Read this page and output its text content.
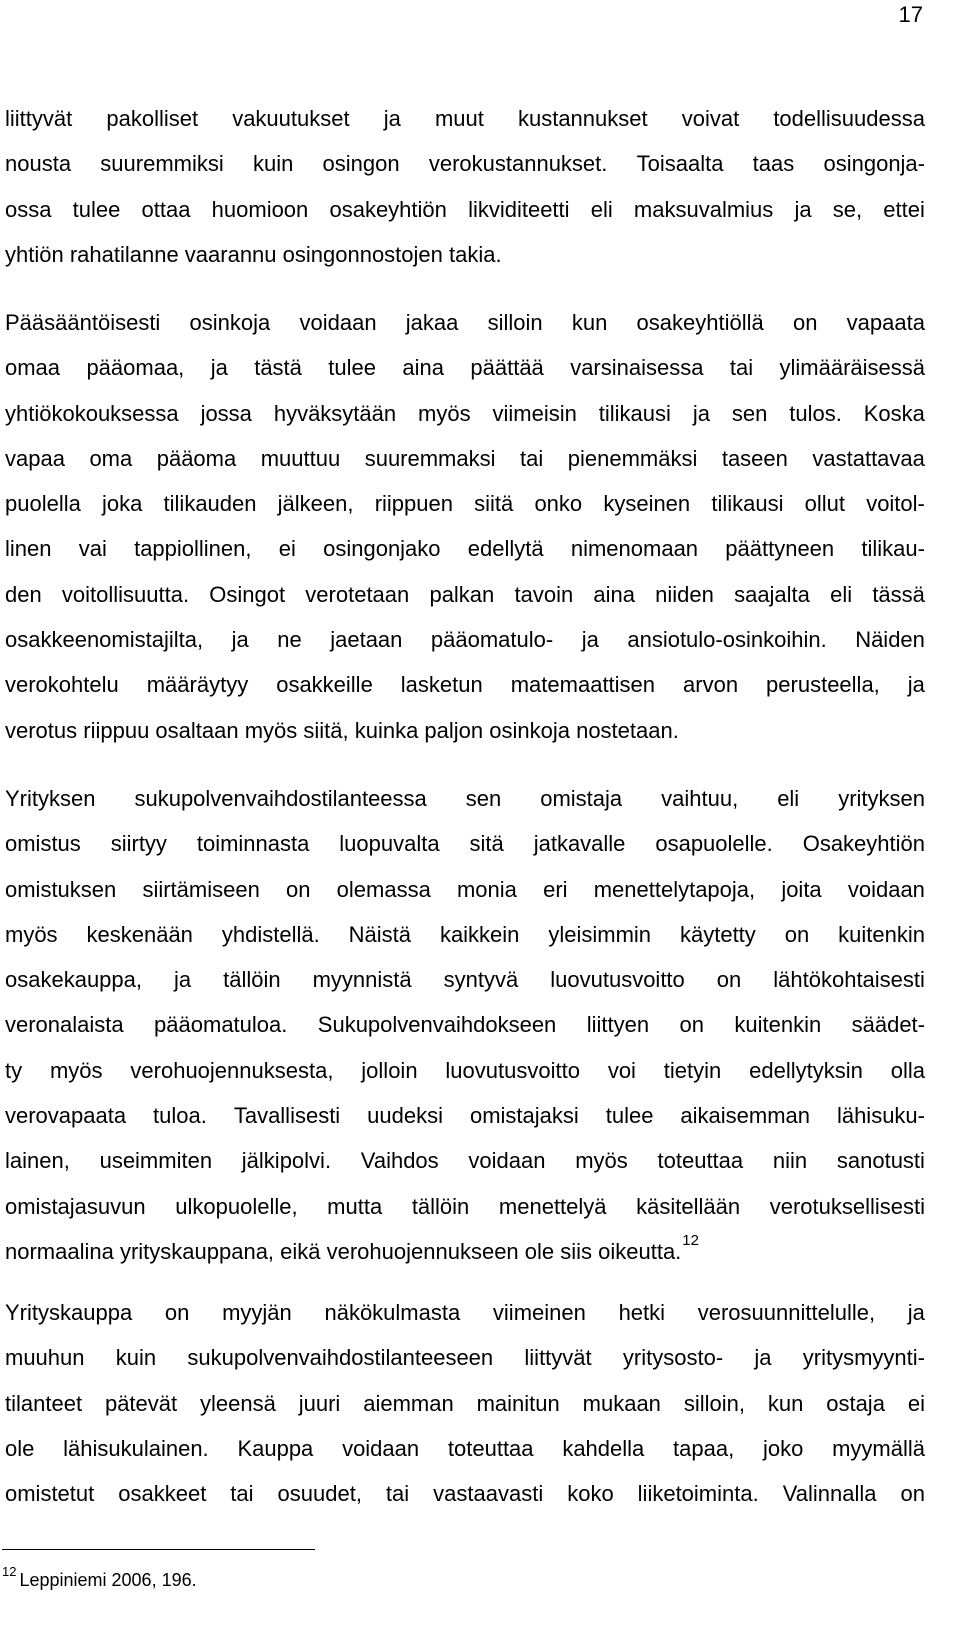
17
liittyvät pakolliset vakuutukset ja muut kustannukset voivat todellisuudessa
nousta suuremmiksi kuin osingon verokustannukset. Toisaalta taas osingonja-
ossa tulee ottaa huomioon osakeyhtiön likviditeetti eli maksuvalmius ja se, ettei
yhtiön rahatilanne vaarannu osingonnostojen takia.
Pääsääntöisesti osinkoja voidaan jakaa silloin kun osakeyhtiöllä on vapaata
omaa pääomaa, ja tästä tulee aina päättää varsinaisessa tai ylimääräisessä
yhtiökokouksessa jossa hyväksytään myös viimeisin tilikausi ja sen tulos. Koska
vapaa oma pääoma muuttuu suuremmaksi tai pienemmäksi taseen vastattavaa
puolella joka tilikauden jälkeen, riippuen siitä onko kyseinen tilikausi ollut voitol-
linen vai tappiollinen, ei osingonjako edellytä nimenomaan päättyneen tilikau-
den voitollisuutta. Osingot verotetaan palkan tavoin aina niiden saajalta eli tässä
osakkeenomistajilta, ja ne jaetaan pääomatulo- ja ansiotulo-osinkoihin. Näiden
verokohtelu määräytyy osakkeille lasketun matemaattisen arvon perusteella, ja
verotus riippuu osaltaan myös siitä, kuinka paljon osinkoja nostetaan.
Yrityksen sukupolvenvaihdostilanteessa sen omistaja vaihtuu, eli yrityksen
omistus siirtyy toiminnasta luopuvalta sitä jatkavalle osapuolelle. Osakeyhtiön
omistuksen siirtämiseen on olemassa monia eri menettelytapoja, joita voidaan
myös keskenään yhdistellä. Näistä kaikkein yleisimmin käytetty on kuitenkin
osakekauppa, ja tällöin myynnistä syntyvä luovutusvoitto on lähtökohtaisesti
veronalaista pääomatuloa. Sukupolvenvaihdokseen liittyen on kuitenkin säädet-
ty myös verohuojennuksesta, jolloin luovutusvoitto voi tietyin edellytyksin olla
verovapaata tuloa. Tavallisesti uudeksi omistajaksi tulee aikaisemman lähisuku-
lainen, useimmiten jälkipolvi. Vaihdos voidaan myös toteuttaa niin sanotusti
omistajasuvun ulkopuolelle, mutta tällöin menettelyä käsitellään verotuksellisesti
normaalina yrityskauppana, eikä verohuojennukseen ole siis oikeutta.$^{12}$
Yrityskauppa on myyjän näkökulmasta viimeinen hetki verosuunnittelulle, ja
muuhun kuin sukupolvenvaihdostilanteeseen liittyvät yritysosto- ja yritysmyynti-
tilanteet pätevät yleensä juuri aiemman mainitun mukaan silloin, kun ostaja ei
ole lähisukulainen. Kauppa voidaan toteuttaa kahdella tapaa, joko myymällä
omistetut osakkeet tai osuudet, tai vastaavasti koko liiketoiminta. Valinnalla on
$^{12}$ Leppiniemi 2006, 196.
